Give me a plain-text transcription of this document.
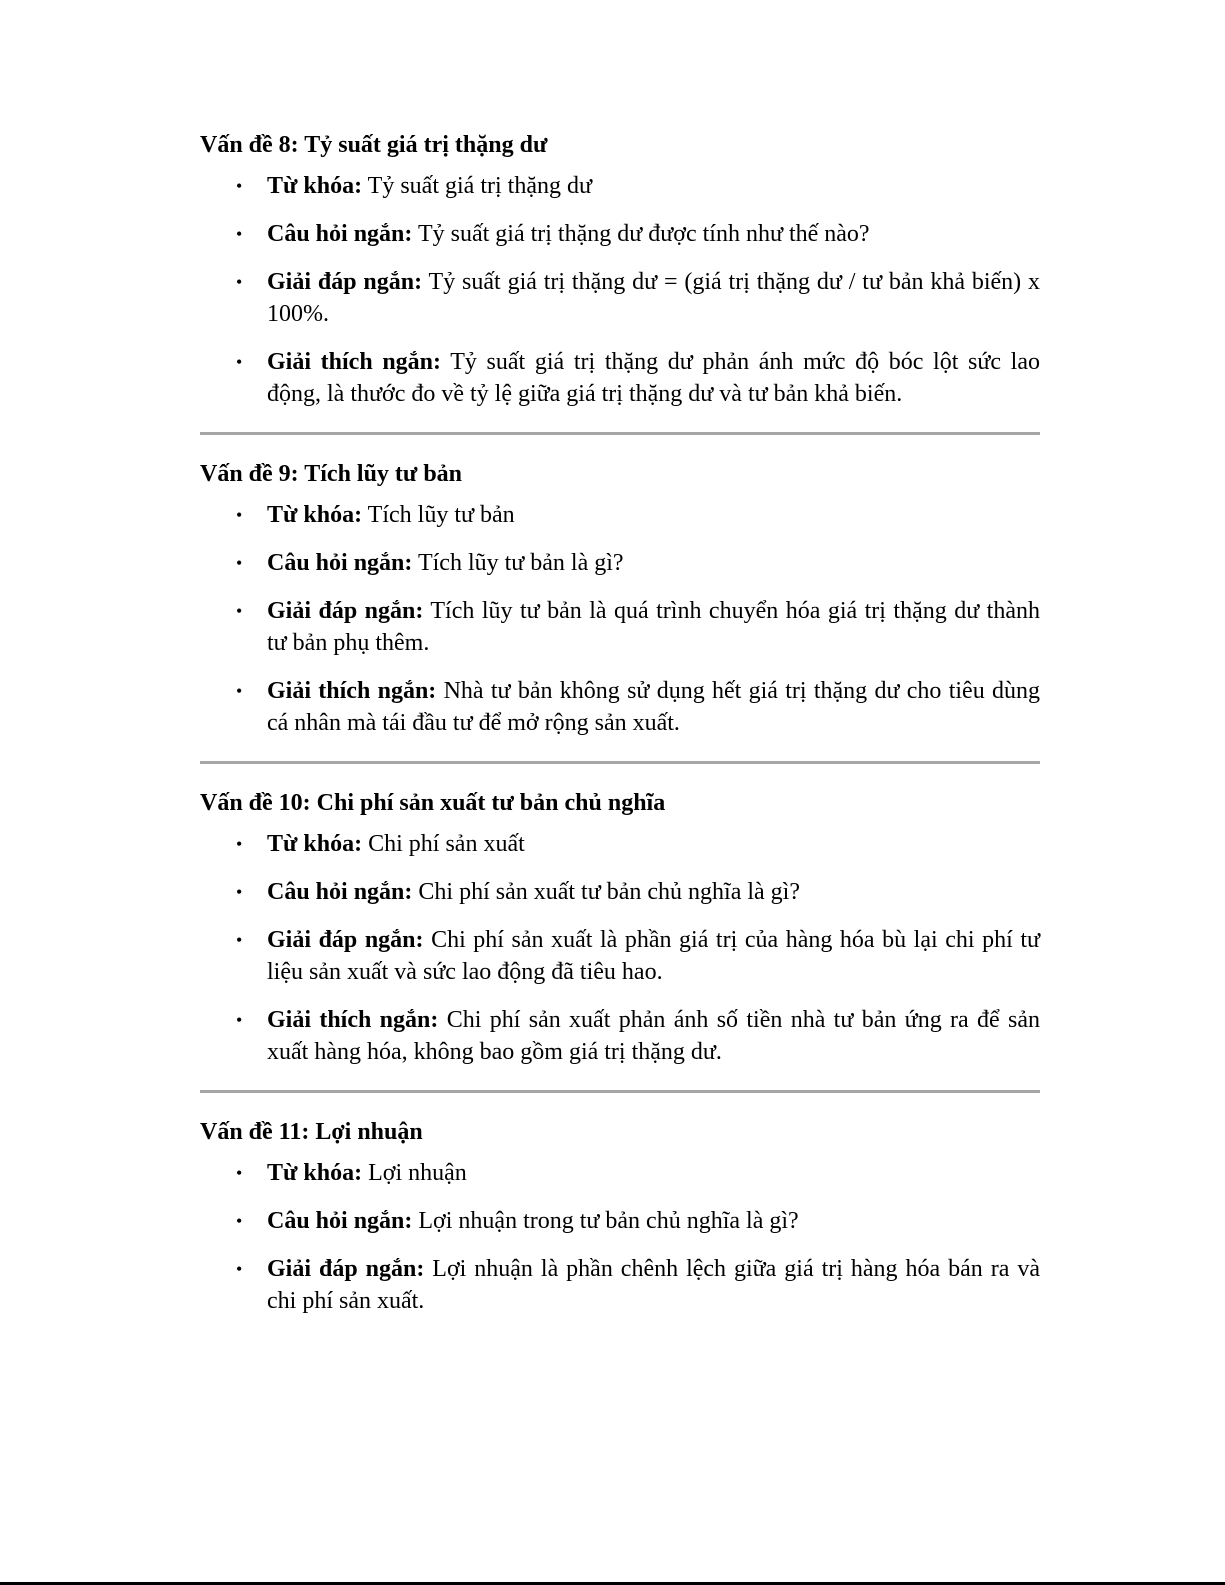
Vấn đề 8: Tỷ suất giá trị thặng dư
• Từ khóa: Tỷ suất giá trị thặng dư
• Câu hỏi ngắn: Tỷ suất giá trị thặng dư được tính như thế nào?
• Giải đáp ngắn: Tỷ suất giá trị thặng dư = (giá trị thặng dư / tư bản khả biến) x 100%.
• Giải thích ngắn: Tỷ suất giá trị thặng dư phản ánh mức độ bóc lột sức lao động, là thước đo về tỷ lệ giữa giá trị thặng dư và tư bản khả biến.
Vấn đề 9: Tích lũy tư bản
• Từ khóa: Tích lũy tư bản
• Câu hỏi ngắn: Tích lũy tư bản là gì?
• Giải đáp ngắn: Tích lũy tư bản là quá trình chuyển hóa giá trị thặng dư thành tư bản phụ thêm.
• Giải thích ngắn: Nhà tư bản không sử dụng hết giá trị thặng dư cho tiêu dùng cá nhân mà tái đầu tư để mở rộng sản xuất.
Vấn đề 10: Chi phí sản xuất tư bản chủ nghĩa
• Từ khóa: Chi phí sản xuất
• Câu hỏi ngắn: Chi phí sản xuất tư bản chủ nghĩa là gì?
• Giải đáp ngắn: Chi phí sản xuất là phần giá trị của hàng hóa bù lại chi phí tư liệu sản xuất và sức lao động đã tiêu hao.
• Giải thích ngắn: Chi phí sản xuất phản ánh số tiền nhà tư bản ứng ra để sản xuất hàng hóa, không bao gồm giá trị thặng dư.
Vấn đề 11: Lợi nhuận
• Từ khóa: Lợi nhuận
• Câu hỏi ngắn: Lợi nhuận trong tư bản chủ nghĩa là gì?
• Giải đáp ngắn: Lợi nhuận là phần chênh lệch giữa giá trị hàng hóa bán ra và chi phí sản xuất.
